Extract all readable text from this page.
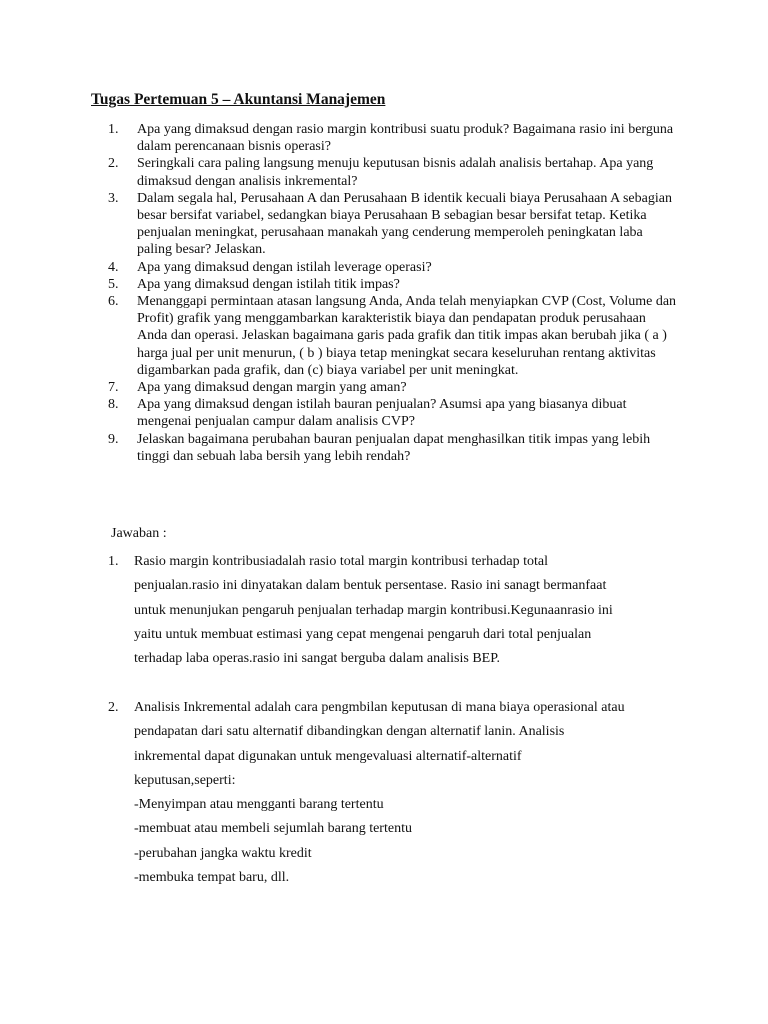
Tugas Pertemuan 5 – Akuntansi Manajemen
1. Apa yang dimaksud dengan rasio margin kontribusi suatu produk? Bagaimana rasio ini berguna dalam perencanaan bisnis operasi?
2. Seringkali cara paling langsung menuju keputusan bisnis adalah analisis bertahap. Apa yang dimaksud dengan analisis inkremental?
3. Dalam segala hal, Perusahaan A dan Perusahaan B identik kecuali biaya Perusahaan A sebagian besar bersifat variabel, sedangkan biaya Perusahaan B sebagian besar bersifat tetap. Ketika penjualan meningkat, perusahaan manakah yang cenderung memperoleh peningkatan laba paling besar? Jelaskan.
4. Apa yang dimaksud dengan istilah leverage operasi?
5. Apa yang dimaksud dengan istilah titik impas?
6. Menanggapi permintaan atasan langsung Anda, Anda telah menyiapkan CVP (Cost, Volume dan Profit) grafik yang menggambarkan karakteristik biaya dan pendapatan produk perusahaan Anda dan operasi. Jelaskan bagaimana garis pada grafik dan titik impas akan berubah jika ( a ) harga jual per unit menurun, ( b ) biaya tetap meningkat secara keseluruhan rentang aktivitas digambarkan pada grafik, dan (c) biaya variabel per unit meningkat.
7. Apa yang dimaksud dengan margin yang aman?
8. Apa yang dimaksud dengan istilah bauran penjualan? Asumsi apa yang biasanya dibuat mengenai penjualan campur dalam analisis CVP?
9. Jelaskan bagaimana perubahan bauran penjualan dapat menghasilkan titik impas yang lebih tinggi dan sebuah laba bersih yang lebih rendah?
Jawaban :
1. Rasio margin kontribusiadalah rasio total margin kontribusi terhadap total
penjualan.rasio ini dinyatakan dalam bentuk persentase. Rasio ini sanagt bermanfaat
untuk menunjukan pengaruh penjualan terhadap margin kontribusi.Kegunaanrasio ini
yaitu untuk membuat estimasi yang cepat mengenai pengaruh dari total penjualan
terhadap laba operas.rasio ini sangat berguba dalam analisis BEP.
2. Analisis Inkremental adalah cara pengmbilan keputusan di mana biaya operasional atau
pendapatan dari satu alternatif dibandingkan dengan alternatif lanin. Analisis
inkremental dapat digunakan untuk mengevaluasi alternatif-alternatif
keputusan,seperti:
-Menyimpan atau mengganti barang tertentu
-membuat atau membeli sejumlah barang tertentu
-perubahan jangka waktu kredit
-membuka tempat baru, dll.
